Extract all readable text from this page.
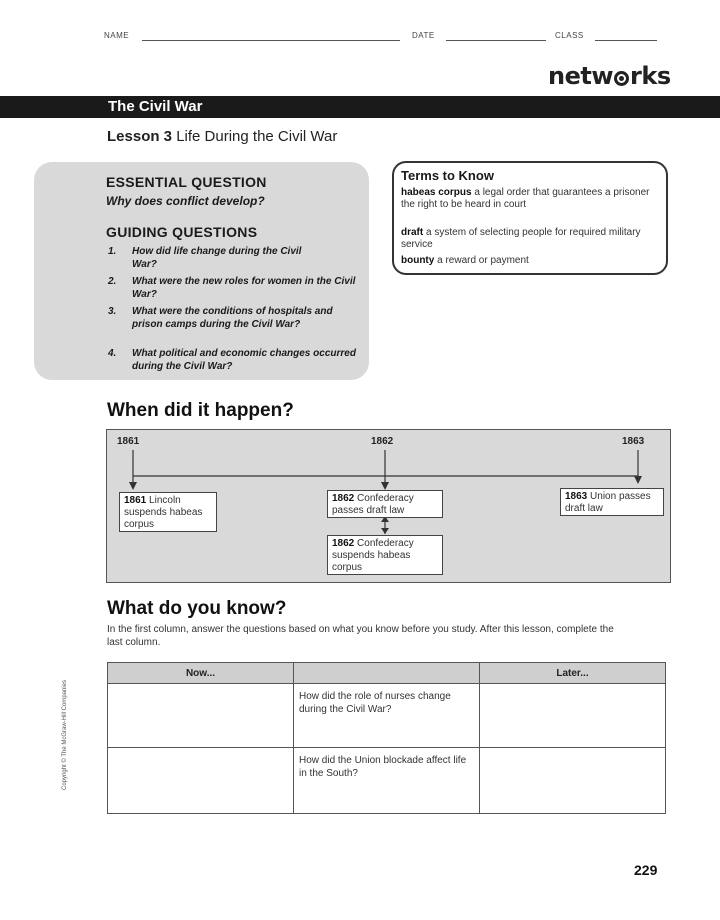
NAME	DATE	CLASS
netw rks
The Civil War
Lesson 3 Life During the Civil War
ESSENTIAL QUESTION
Why does conflict develop?
GUIDING QUESTIONS
1. How did life change during the Civil War?
2. What were the new roles for women in the Civil War?
3. What were the conditions of hospitals and prison camps during the Civil War?
4. What political and economic changes occurred during the Civil War?
Terms to Know
habeas corpus a legal order that guarantees a prisoner the right to be heard in court
draft a system of selecting people for required military service
bounty a reward or payment
When did it happen?
1861	1862	1863
1861 Lincoln suspends habeas corpus
1862 Confederacy passes draft law
1862 Confederacy suspends habeas corpus
1863 Union passes draft law
What do you know?
In the first column, answer the questions based on what you know before you study. After this lesson, complete the last column.
Now...		Later...
	How did the role of nurses change during the Civil War?	
	How did the Union blockade affect life in the South?	
Copyright © The McGraw-Hill Companies
229
